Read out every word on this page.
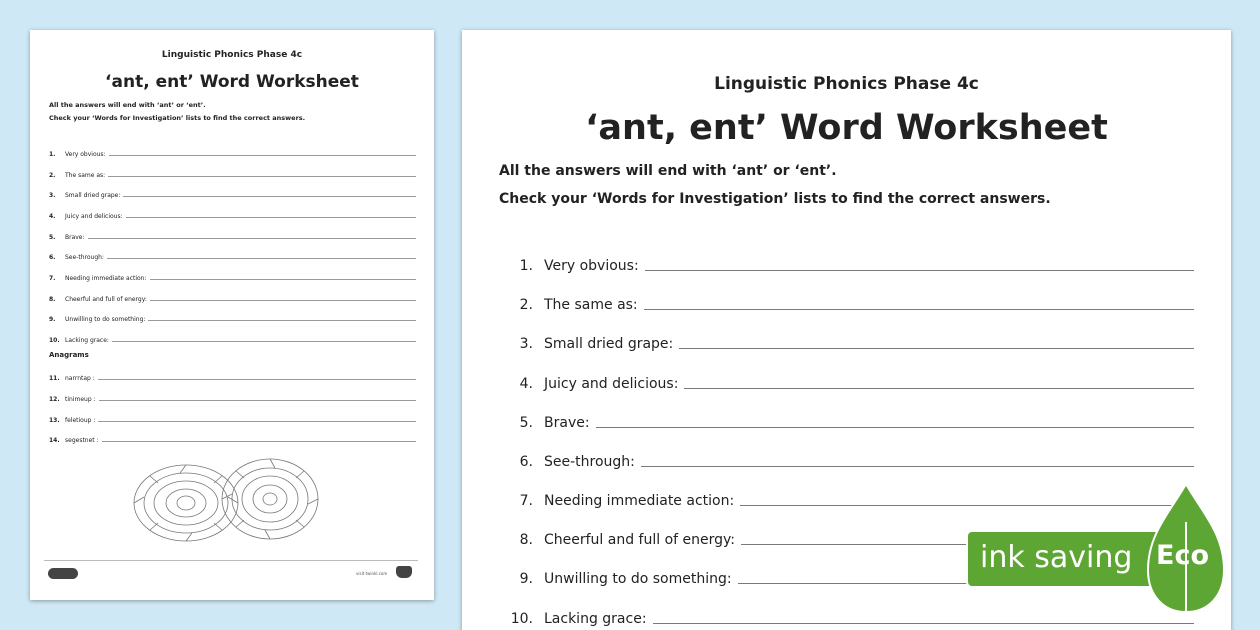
Linguistic Phonics Phase 4c
‘ant, ent’ Word Worksheet
All the answers will end with ‘ant’ or ‘ent’.
Check your ‘Words for Investigation’ lists to find the correct answers.
1.	Very obvious:
2.	The same as:
3.	Small dried grape:
4.	Juicy and delicious:
5.	Brave:
6.	See-through:
7.	Needing immediate action:
8.	Cheerful and full of energy:
9.	Unwilling to do something:
10. Lacking grace:
Anagrams
11. narrntap :
12. tinimeup :
13. feletioup :
14. segestnet :
visit twinkl.com
Linguistic Phonics Phase 4c
‘ant, ent’ Word Worksheet
All the answers will end with ‘ant’ or ‘ent’.
Check your ‘Words for Investigation’ lists to find the correct answers.
1. Very obvious:
2. The same as:
3. Small dried grape:
4. Juicy and delicious:
5. Brave:
6. See-through:
7. Needing immediate action:
8. Cheerful and full of energy:
9. Unwilling to do something:
10. Lacking grace:
ink saving Eco
